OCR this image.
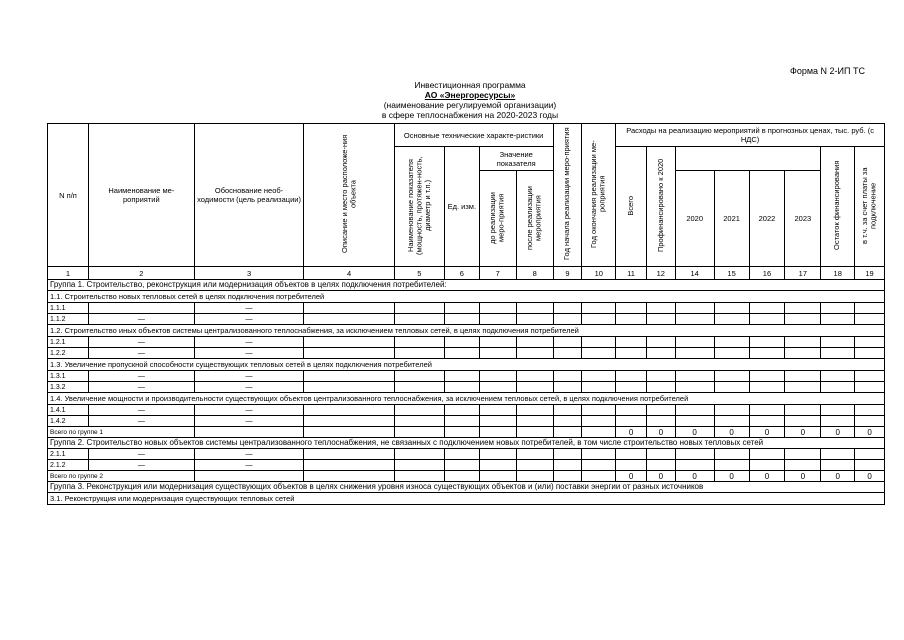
Форма N 2-ИП ТС
Инвестиционная программа
АО «Энергоресурсы»
(наименование регулируемой организации)
в сфере теплоснабжения на 2020-2023 годы
N п/п	Наименование ме-роприятий	Обоснование необ-ходимости (цель реализации)	Описание и место расположе-ния объекта	Основные технические характе-ристики				Год начала реализации меро-приятия	Год окончания реализации ме-роприятия	Расходы на реализацию мероприятий в прогнозных ценах, тыс. руб. (с НДС)							
				Наименование показателя (мощность, протяжен-ность, диаметр и т.п.)	Ед. изм.	Значение показателя				Всего	Профинансировано к 2020					Остаток финансирования	в т.ч. за счет платы за подключение
						до реализации меро-приятия	после реализации мероприятия					2020	2021	2022	2023		

1	2	3	4	5	6	7	8	9	10	11	12	14	15	16	17	18	19
Группа 1. Строительство, реконструкция или модернизация объектов в целях подключения потребителей:																	
1.1. Строительство новых тепловых сетей в целях подключения потребителей																	
1.1.1		—															
1.1.2	—	—															
1.2. Строительство иных объектов системы централизованного теплоснабжения, за исключением тепловых сетей, в целях подключения потребителей																	
1.2.1	—	—															
1.2.2	—	—															
1.3. Увеличение пропускной способности существующих тепловых сетей в целях подключения потребителей																	
1.3.1	—	—															
1.3.2	—	—															
1.4. Увеличение мощности и производительности существующих объектов централизованного теплоснабжения, за исключением тепловых сетей, в целях подключения потребителей																	
1.4.1	—	—															
1.4.2	—	—															
Всего по группе 1										0	0	0	0	0	0	0	0
Группа 2. Строительство новых объектов системы централизованного теплоснабжения, не связанных с подключением новых потребителей, в том числе строительство новых тепловых сетей																	
2.1.1	—	—															
2.1.2	—	—															
Всего по группе 2										0	0	0	0	0	0	0	0
Группа 3. Реконструкция или модернизация существующих объектов в целях снижения уровня износа существующих объектов и (или) поставки энергии от разных источников																	
3.1. Реконструкция или модернизация существующих тепловых сетей																	
